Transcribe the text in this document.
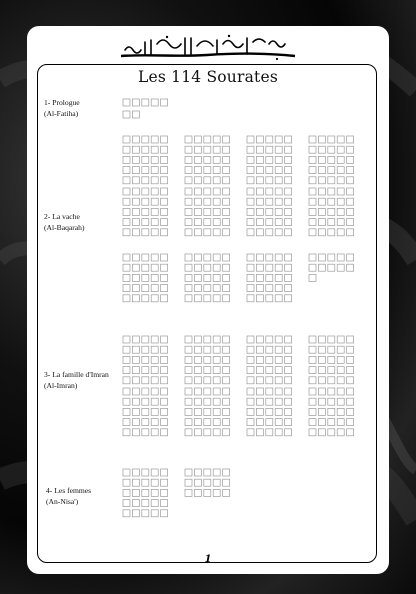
Les 114 Sourates
1- Prologue
(Al-Fatiha)
2- La vache
(Al-Baqarah)
3- La famille d'Imran
(Al-Imran)
4- Les femmes
(An-Nisa')
1
